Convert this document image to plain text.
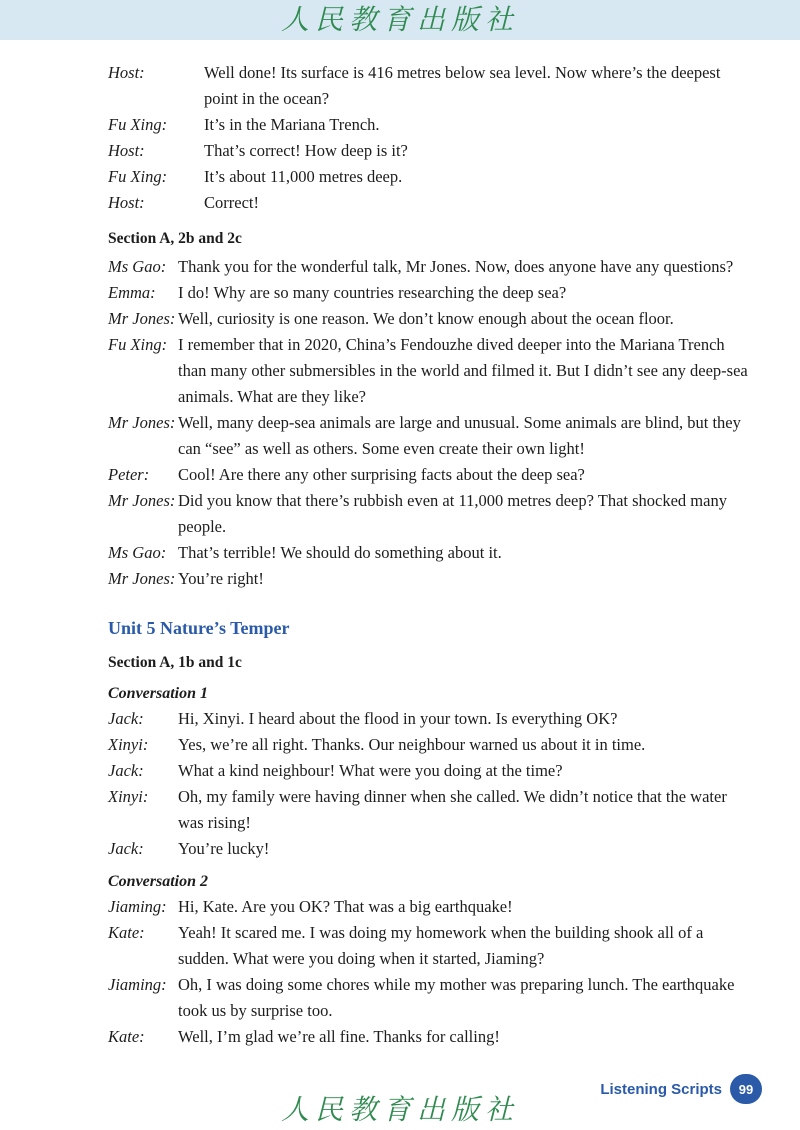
人民教育出版社
Host:	Well done! Its surface is 416 metres below sea level. Now where’s the deepest point in the ocean?
Fu Xing:	It’s in the Mariana Trench.
Host:	That’s correct! How deep is it?
Fu Xing:	It’s about 11,000 metres deep.
Host:	Correct!
Section A, 2b and 2c
Ms Gao: Thank you for the wonderful talk, Mr Jones. Now, does anyone have any questions?
Emma:	I do! Why are so many countries researching the deep sea?
Mr Jones: Well, curiosity is one reason. We don’t know enough about the ocean floor.
Fu Xing: I remember that in 2020, China’s Fendouzhe dived deeper into the Mariana Trench than many other submersibles in the world and filmed it. But I didn’t see any deep-sea animals. What are they like?
Mr Jones: Well, many deep-sea animals are large and unusual. Some animals are blind, but they can “see” as well as others. Some even create their own light!
Peter:	Cool! Are there any other surprising facts about the deep sea?
Mr Jones: Did you know that there’s rubbish even at 11,000 metres deep? That shocked many people.
Ms Gao: That’s terrible! We should do something about it.
Mr Jones: You’re right!
Unit 5 Nature’s Temper
Section A, 1b and 1c
Conversation 1
Jack:	Hi, Xinyi. I heard about the flood in your town. Is everything OK?
Xinyi:	Yes, we’re all right. Thanks. Our neighbour warned us about it in time.
Jack:	What a kind neighbour! What were you doing at the time?
Xinyi:	Oh, my family were having dinner when she called. We didn’t notice that the water was rising!
Jack:	You’re lucky!
Conversation 2
Jiaming: Hi, Kate. Are you OK? That was a big earthquake!
Kate:	Yeah! It scared me. I was doing my homework when the building shook all of a sudden. What were you doing when it started, Jiaming?
Jiaming: Oh, I was doing some chores while my mother was preparing lunch. The earthquake took us by surprise too.
Kate:	Well, I’m glad we’re all fine. Thanks for calling!
Listening Scripts	99
人民教育出版社
